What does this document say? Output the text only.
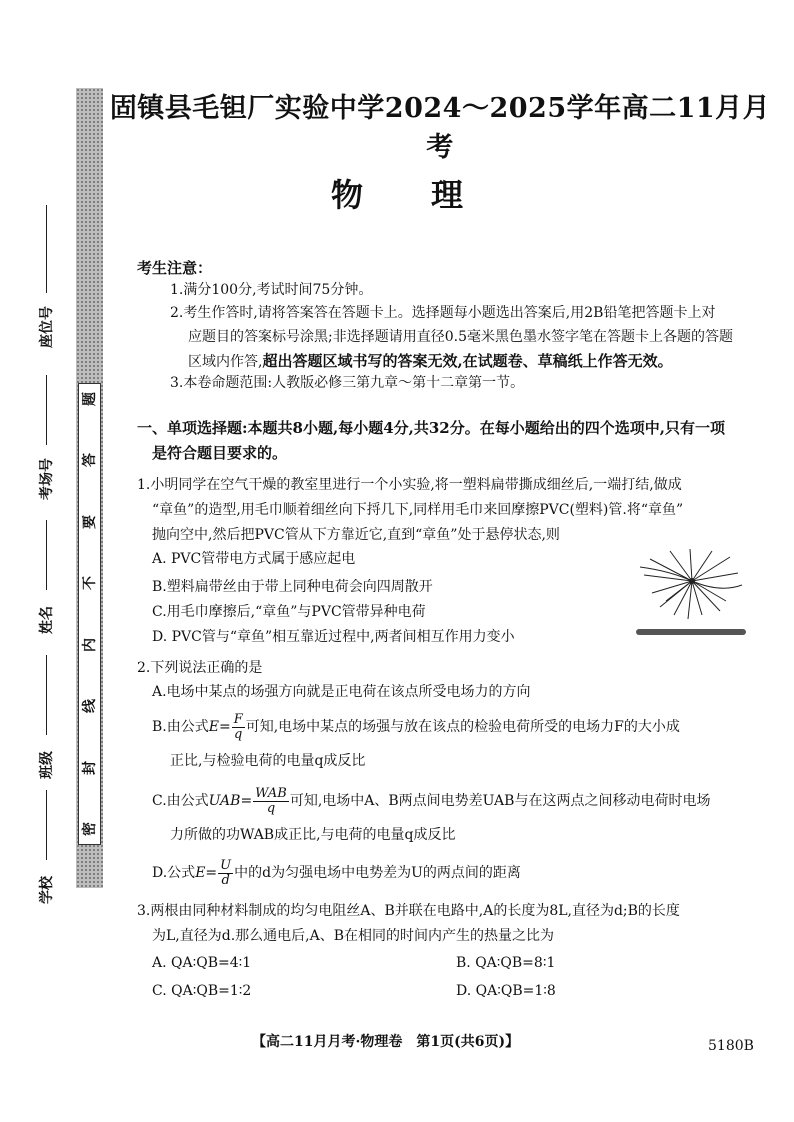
题
答
要
不
内
线
封
密
座位号
考场号
姓名
班级
学校
固镇县毛钽厂实验中学2024～2025学年高二11月月考
物 理
考生注意：
1.满分100分,考试时间75分钟。
2.考生作答时,请将答案答在答题卡上。选择题每小题选出答案后,用2B铅笔把答题卡上对
应题目的答案标号涂黑;非选择题请用直径0.5毫米黑色墨水签字笔在答题卡上各题的答题
区域内作答,超出答题区域书写的答案无效,在试题卷、草稿纸上作答无效。
3.本卷命题范围:人教版必修三第九章～第十二章第一节。
一、单项选择题:本题共8小题,每小题4分,共32分。在每小题给出的四个选项中,只有一项
是符合题目要求的。
1.小明同学在空气干燥的教室里进行一个小实验,将一塑料扁带撕成细丝后,一端打结,做成
“章鱼”的造型,用毛巾顺着细丝向下捋几下,同样用毛巾来回摩擦PVC(塑料)管.将“章鱼”
抛向空中,然后把PVC管从下方靠近它,直到“章鱼”处于悬停状态,则
A. PVC管带电方式属于感应起电
B.塑料扁带丝由于带上同种电荷会向四周散开
C.用毛巾摩擦后,“章鱼”与PVC管带异种电荷
D. PVC管与“章鱼”相互靠近过程中,两者间相互作用力变小
2.下列说法正确的是
A.电场中某点的场强方向就是正电荷在该点所受电场力的方向
B.由公式$E= \frac{F}{q}$ 可知,电场中某点的场强与放在该点的检验电荷所受的电场力F的大小成
正比,与检验电荷的电量q成反比
C.由公式$UAB= \frac{\text{WAB}}{q}$ 可知,电场中A、B两点间电势差UAB与在这两点之间移动电荷时电场
力所做的功WAB成正比,与电荷的电量q成反比
D.公式$E= \frac{U}{d}$ 中的d为匀强电场中电势差为U的两点间的距离
3.两根由同种材料制成的均匀电阻丝A、B并联在电路中,A的长度为8L,直径为d;B的长度
为L,直径为d.那么通电后,A、B在相同的时间内产生的热量之比为
A. QA∶QB=4∶1	B. QA∶QB=8∶1
C. QA∶QB=1∶2	D. QA∶QB=1∶8
【高二11月月考·物理卷　第1页(共6页)】	5180B
